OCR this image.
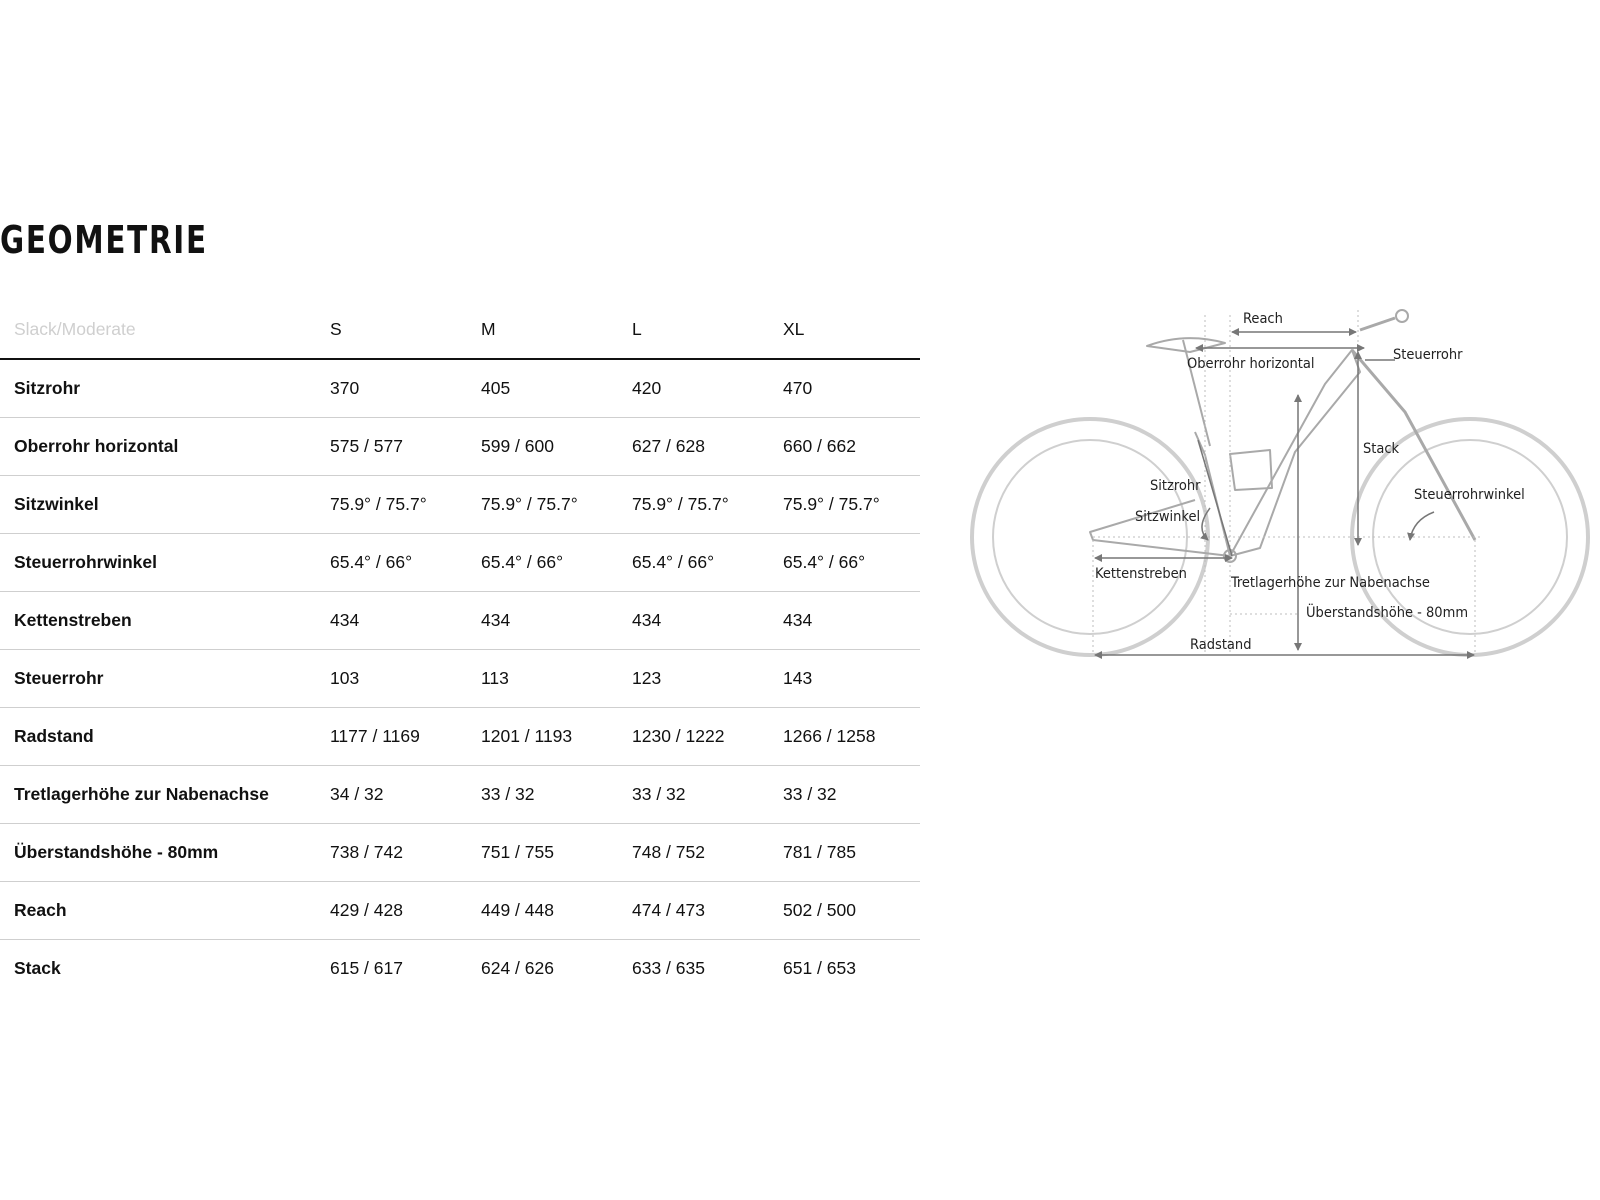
GEOMETRIE
Slack/Moderate	S	M	L	XL
Sitzrohr	370	405	420	470
Oberrohr horizontal	575 / 577	599 / 600	627 / 628	660 / 662
Sitzwinkel	75.9° / 75.7°	75.9° / 75.7°	75.9° / 75.7°	75.9° / 75.7°
Steuerrohrwinkel	65.4° / 66°	65.4° / 66°	65.4° / 66°	65.4° / 66°
Kettenstreben	434	434	434	434
Steuerrohr	103	113	123	143
Radstand	1177 / 1169	1201 / 1193	1230 / 1222	1266 / 1258
Tretlagerhöhe zur Nabenachse	34 / 32	33 / 32	33 / 32	33 / 32
Überstandshöhe - 80mm	738 / 742	751 / 755	748 / 752	781 / 785
Reach	429 / 428	449 / 448	474 / 473	502 / 500
Stack	615 / 617	624 / 626	633 / 635	651 / 653
Reach
Oberrohr horizontal
Steuerrohr
Stack
Sitzrohr
Sitzwinkel
Steuerrohrwinkel
Kettenstreben
Tretlagerhöhe zur Nabenachse
Überstandshöhe - 80mm
Radstand
